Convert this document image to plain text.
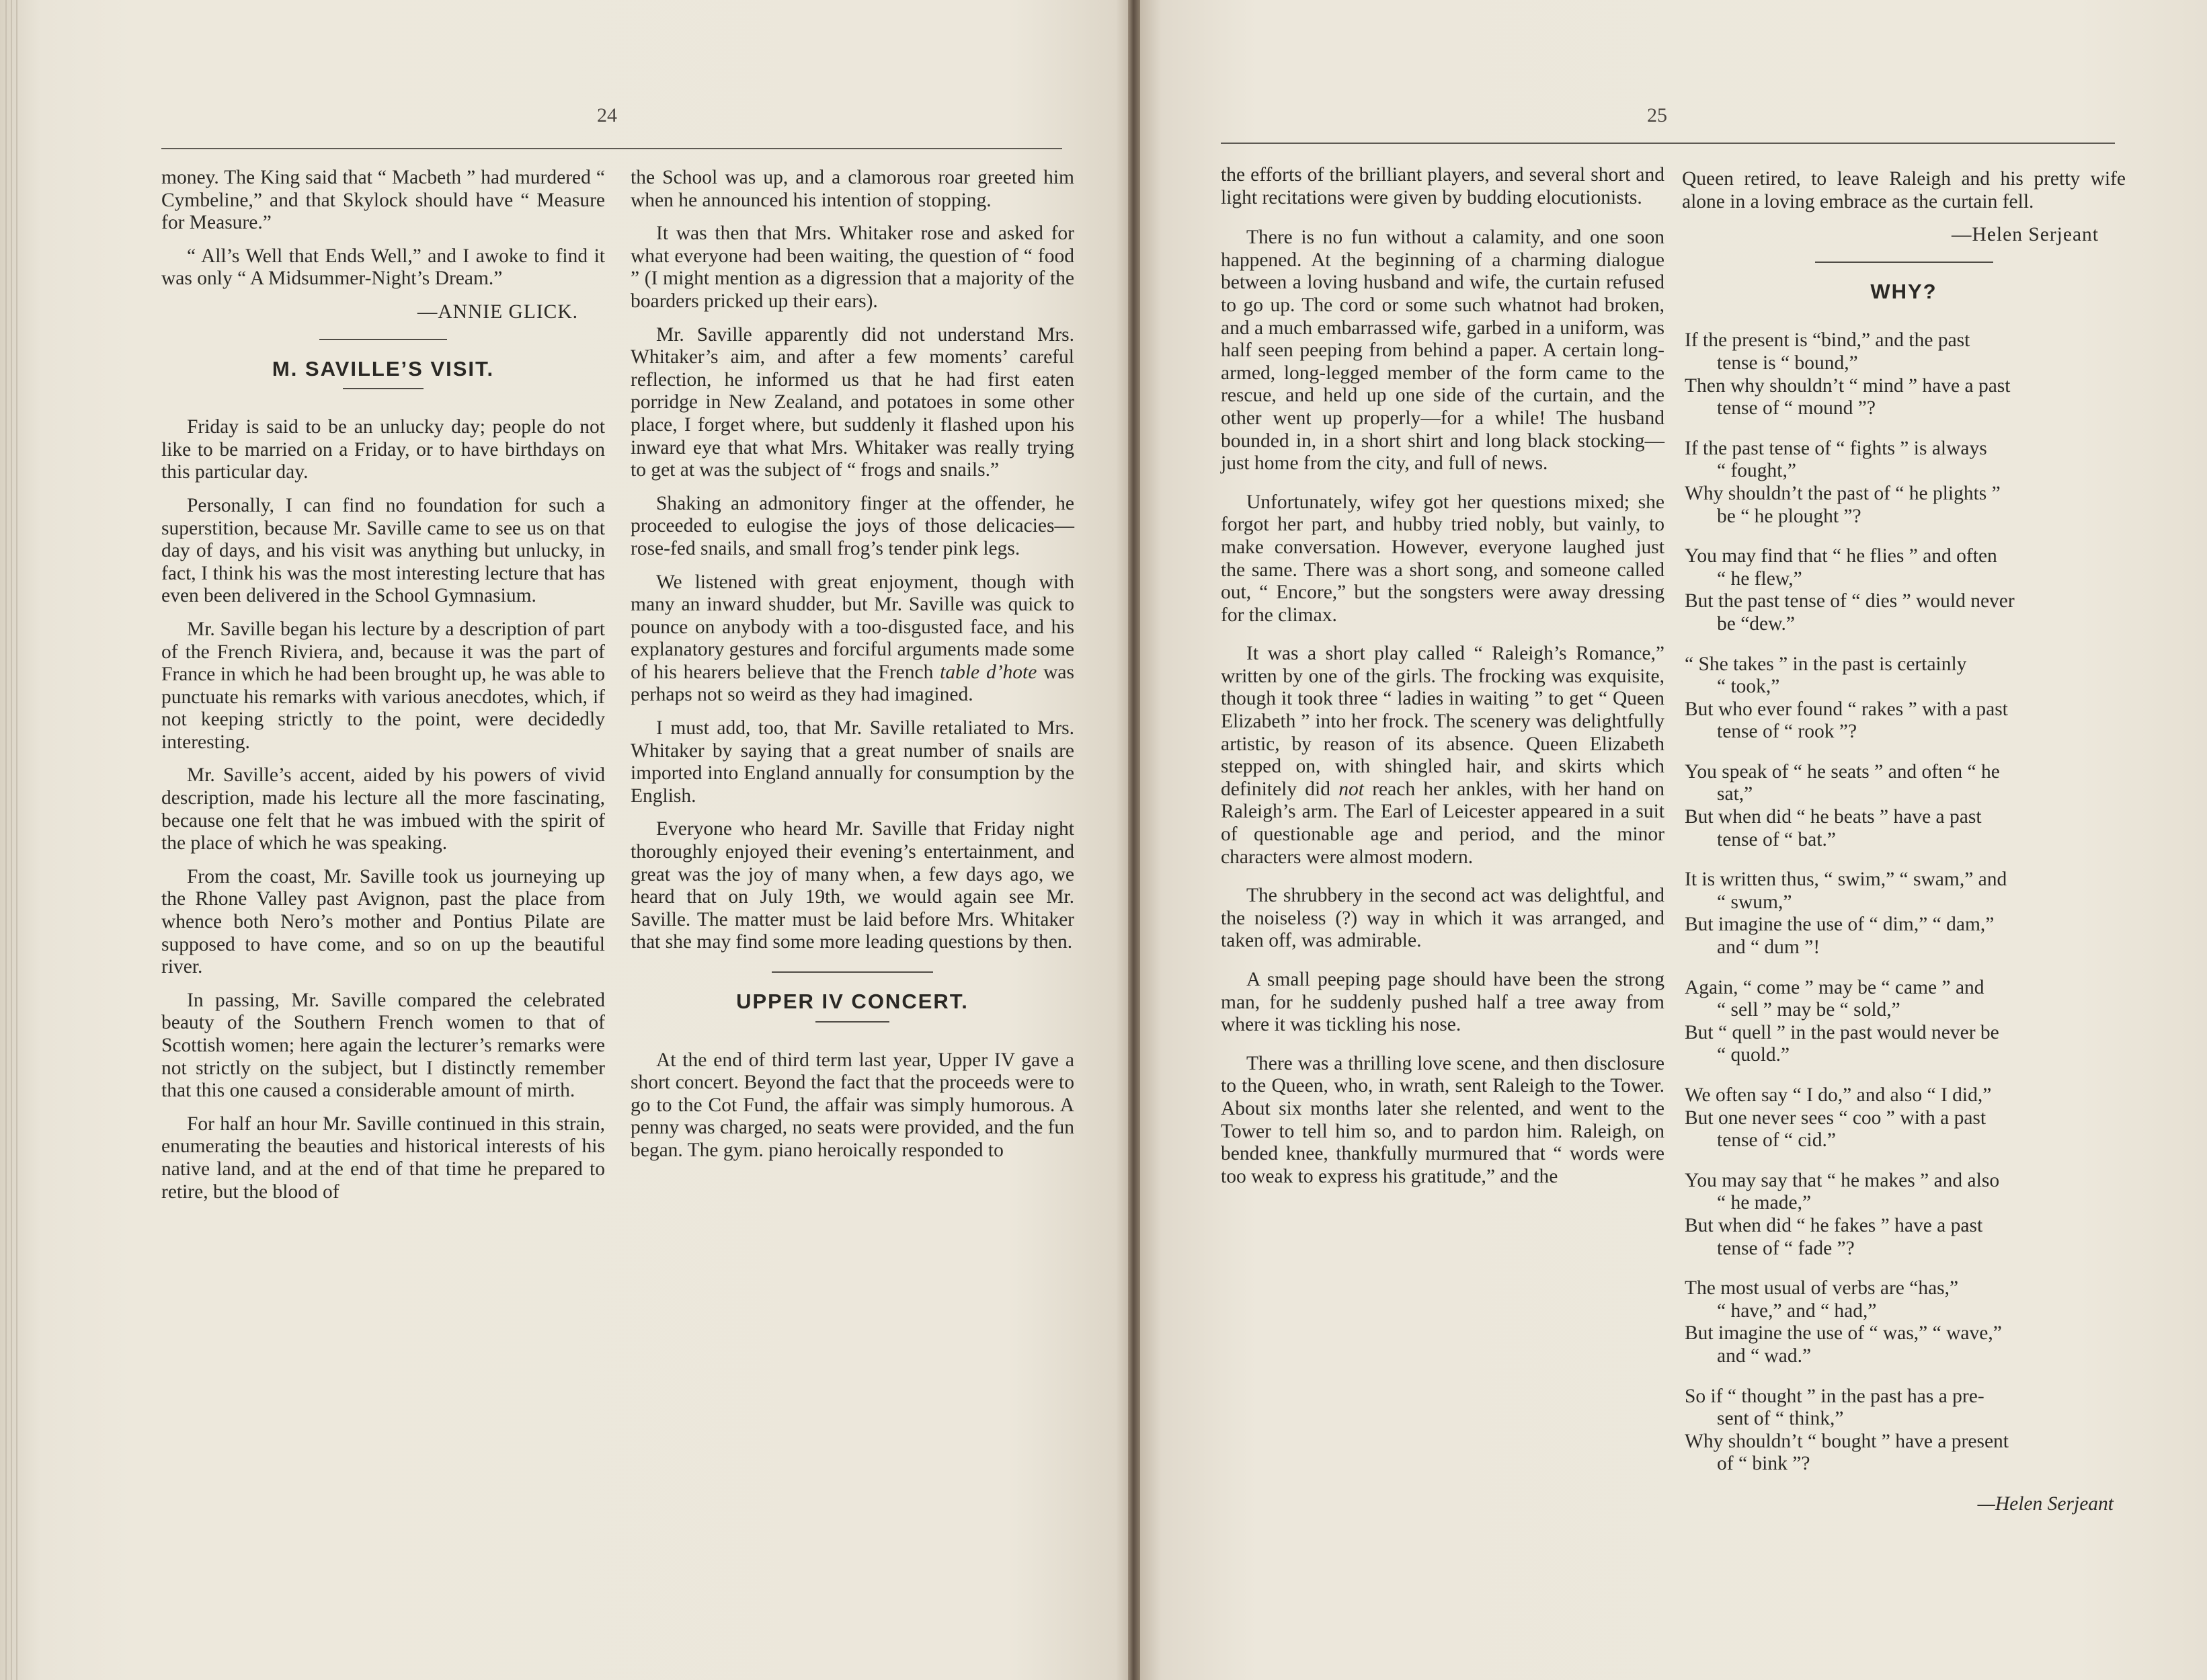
24

money. The King said that “ Macbeth ” had murdered “ Cymbeline,” and that Skylock should have “ Measure for Measure.”

“ All’s Well that Ends Well,” and I awoke to find it was only “ A Midsummer-Night’s Dream.”

—ANNIE GLICK.
M. SAVILLE’S VISIT.

Friday is said to be an unlucky day; people do not like to be married on a Friday, or to have birthdays on this particular day.

Personally, I can find no foundation for such a superstition, because Mr. Saville came to see us on that day of days, and his visit was anything but unlucky, in fact, I think his was the most interesting lecture that has even been delivered in the School Gymnasium.

Mr. Saville began his lecture by a description of part of the French Riviera, and, because it was the part of France in which he had been brought up, he was able to punctuate his remarks with various anecdotes, which, if not keeping strictly to the point, were decidedly interesting.

Mr. Saville’s accent, aided by his powers of vivid description, made his lecture all the more fascinating, because one felt that he was imbued with the spirit of the place of which he was speaking.

From the coast, Mr. Saville took us journeying up the Rhone Valley past Avignon, past the place from whence both Nero’s mother and Pontius Pilate are supposed to have come, and so on up the beautiful river.

In passing, Mr. Saville compared the celebrated beauty of the Southern French women to that of Scottish women; here again the lecturer’s remarks were not strictly on the subject, but I distinctly remember that this one caused a considerable amount of mirth.

For half an hour Mr. Saville continued in this strain, enumerating the beauties and historical interests of his native land, and at the end of that time he prepared to retire, but the blood of

the School was up, and a clamorous roar greeted him when he announced his intention of stopping.

It was then that Mrs. Whitaker rose and asked for what everyone had been waiting, the question of “ food ” (I might mention as a digression that a majority of the boarders pricked up their ears).

Mr. Saville apparently did not understand Mrs. Whitaker’s aim, and after a few moments’ careful reflection, he informed us that he had first eaten porridge in New Zealand, and potatoes in some other place, I forget where, but suddenly it flashed upon his inward eye that what Mrs. Whitaker was really trying to get at was the subject of “ frogs and snails.”

Shaking an admonitory finger at the offender, he proceeded to eulogise the joys of those delicacies—rose-fed snails, and small frog’s tender pink legs.

We listened with great enjoyment, though with many an inward shudder, but Mr. Saville was quick to pounce on anybody with a too-disgusted face, and his explanatory gestures and forciful arguments made some of his hearers believe that the French table d’hote was perhaps not so weird as they had imagined.

I must add, too, that Mr. Saville retaliated to Mrs. Whitaker by saying that a great number of snails are imported into England annually for consumption by the English.

Everyone who heard Mr. Saville that Friday night thoroughly enjoyed their evening’s entertainment, and great was the joy of many when, a few days ago, we heard that on July 19th, we would again see Mr. Saville. The matter must be laid before Mrs. Whitaker that she may find some more leading questions by then.

UPPER IV CONCERT.

At the end of third term last year, Upper IV gave a short concert. Beyond the fact that the proceeds were to go to the Cot Fund, the affair was simply humorous. A penny was charged, no seats were provided, and the fun began. The gym. piano heroically responded to

25

the efforts of the brilliant players, and several short and light recitations were given by budding elocutionists.

There is no fun without a calamity, and one soon happened. At the beginning of a charming dialogue between a loving husband and wife, the curtain refused to go up. The cord or some such whatnot had broken, and a much embarrassed wife, garbed in a uniform, was half seen peeping from behind a paper. A certain long-armed, long-legged member of the form came to the rescue, and held up one side of the curtain, and the other went up properly—for a while! The husband bounded in, in a short shirt and long black stocking—just home from the city, and full of news.

Unfortunately, wifey got her questions mixed; she forgot her part, and hubby tried nobly, but vainly, to make conversation. However, everyone laughed just the same. There was a short song, and someone called out, “ Encore,” but the songsters were away dressing for the climax.

It was a short play called “ Raleigh’s Romance,” written by one of the girls. The frocking was exquisite, though it took three “ ladies in waiting ” to get “ Queen Elizabeth ” into her frock. The scenery was delightfully artistic, by reason of its absence. Queen Elizabeth stepped on, with shingled hair, and skirts which definitely did not reach her ankles, with her hand on Raleigh’s arm. The Earl of Leicester appeared in a suit of questionable age and period, and the minor characters were almost modern.

The shrubbery in the second act was delightful, and the noiseless (?) way in which it was arranged, and taken off, was admirable.

A small peeping page should have been the strong man, for he suddenly pushed half a tree away from where it was tickling his nose.

There was a thrilling love scene, and then disclosure to the Queen, who, in wrath, sent Raleigh to the Tower. About six months later she relented, and went to the Tower to tell him so, and to pardon him. Raleigh, on bended knee, thankfully murmured that “ words were too weak to express his gratitude,” and the

Queen retired, to leave Raleigh and his pretty wife alone in a loving embrace as the curtain fell.

—Helen Serjeant
WHY?
If the present is “bind,” and the past
tense is “ bound,”
Then why shouldn’t “ mind ” have a past
tense of “ mound ”?
If the past tense of “ fights ” is always
“ fought,”
Why shouldn’t the past of “ he plights ”
be “ he plought ”?
You may find that “ he flies ” and often
“ he flew,”
But the past tense of “ dies ” would never
be “dew.”
“ She takes ” in the past is certainly
“ took,”
But who ever found “ rakes ” with a past
tense of “ rook ”?
You speak of “ he seats ” and often “ he
sat,”
But when did “ he beats ” have a past
tense of “ bat.”
It is written thus, “ swim,” “ swam,” and
“ swum,”
But imagine the use of “ dim,” “ dam,”
and “ dum ”!
Again, “ come ” may be “ came ” and
“ sell ” may be “ sold,”
But “ quell ” in the past would never be
“ quold.”
We often say “ I do,” and also “ I did,”
But one never sees “ coo ” with a past
tense of “ cid.”
You may say that “ he makes ” and also
“ he made,”
But when did “ he fakes ” have a past
tense of “ fade ”?
The most usual of verbs are “has,”
“ have,” and “ had,”
But imagine the use of “ was,” “ wave,”
and “ wad.”
So if “ thought ” in the past has a pre-
sent of “ think,”
Why shouldn’t “ bought ” have a present
of “ bink ”?
—Helen Serjeant
